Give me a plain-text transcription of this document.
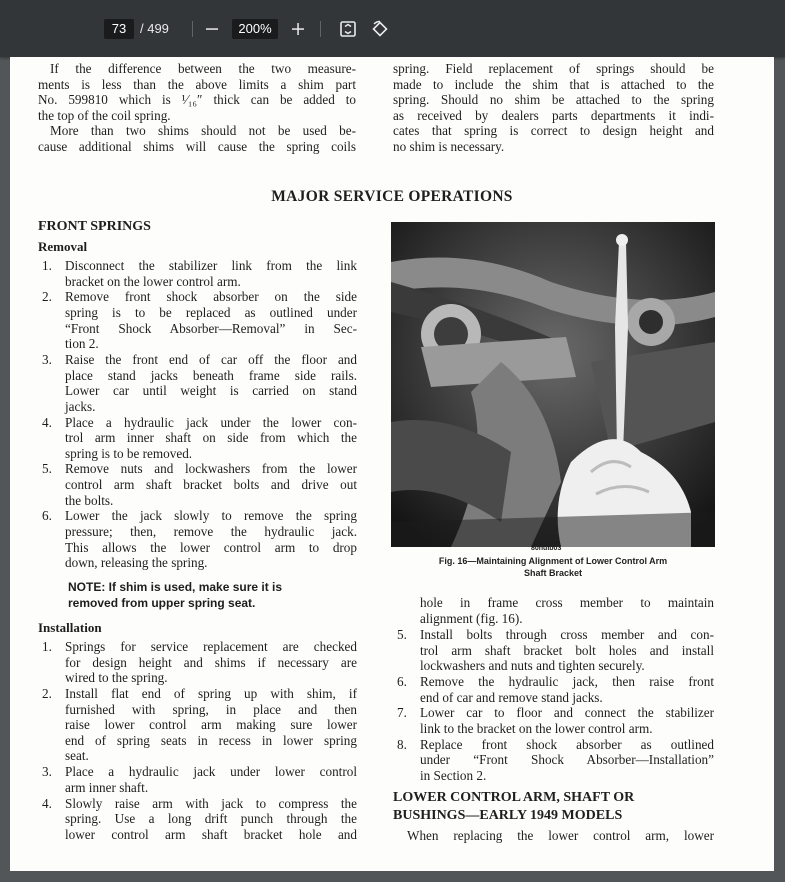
73	/ 499	200%
If the difference between the two measure-
ments is less than the above limits a shim part
No. 599810 which is ¹⁄₁₆″ thick can be added to
the top of the coil spring.
More than two shims should not be used be-
cause additional shims will cause the spring coils
spring. Field replacement of springs should be
made to include the shim that is attached to the
spring. Should no shim be attached to the spring
as received by dealers parts departments it indi-
cates that spring is correct to design height and
no shim is necessary.
MAJOR SERVICE OPERATIONS
FRONT SPRINGS
Removal
1. Disconnect the stabilizer link from the link
bracket on the lower control arm.
2. Remove front shock absorber on the side
spring is to be replaced as outlined under
“Front Shock Absorber—Removal” in Sec-
tion 2.
3. Raise the front end of car off the floor and
place stand jacks beneath frame side rails.
Lower car until weight is carried on stand
jacks.
4. Place a hydraulic jack under the lower con-
trol arm inner shaft on side from which the
spring is to be removed.
5. Remove nuts and lockwashers from the lower
control arm shaft bracket bolts and drive out
the bolts.
6. Lower the jack slowly to remove the spring
pressure; then, remove the hydraulic jack.
This allows the lower control arm to drop
down, releasing the spring.
NOTE: If shim is used, make sure it is
removed from upper spring seat.
Installation
1. Springs for service replacement are checked
for design height and shims if necessary are
wired to the spring.
2. Install flat end of spring up with shim, if
furnished with spring, in place and then
raise lower control arm making sure lower
end of spring seats in recess in lower spring
seat.
3. Place a hydraulic jack under lower control
arm inner shaft.
4. Slowly raise arm with jack to compress the
spring. Use a long drift punch through the
lower control arm shaft bracket hole and
80huib03
Fig. 16—Maintaining Alignment of Lower Control Arm
Shaft Bracket
hole in frame cross member to maintain
alignment (fig. 16).
5. Install bolts through cross member and con-
trol arm shaft bracket bolt holes and install
lockwashers and nuts and tighten securely.
6. Remove the hydraulic jack, then raise front
end of car and remove stand jacks.
7. Lower car to floor and connect the stabilizer
link to the bracket on the lower control arm.
8. Replace front shock absorber as outlined
under “Front Shock Absorber—Installation”
in Section 2.
LOWER CONTROL ARM, SHAFT OR
BUSHINGS—EARLY 1949 MODELS
When replacing the lower control arm, lower
